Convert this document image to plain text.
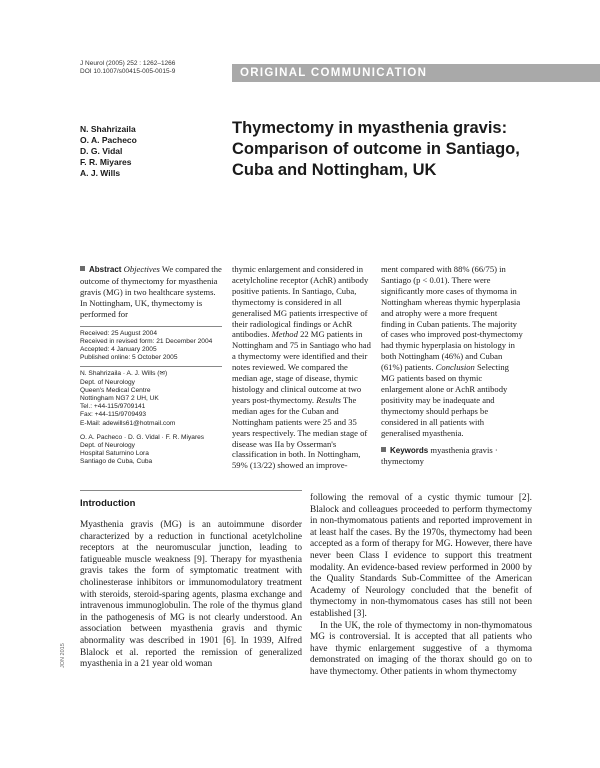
J Neurol (2005) 252 : 1262–1266
DOI 10.1007/s00415-005-0015-9	ORIGINAL COMMUNICATION
N. Shahrizaila
O. A. Pacheco
D. G. Vidal
F. R. Miyares
A. J. Wills
Thymectomy in myasthenia gravis:
Comparison of outcome in Santiago,
Cuba and Nottingham, UK

Abstract Objectives We compared the outcome of thymectomy for myasthenia gravis (MG) in two healthcare systems. In Nottingham, UK, thymectomy is performed for

Received: 25 August 2004
Received in revised form: 21 December 2004
Accepted: 4 January 2005
Published online: 5 October 2005
N. Shahrizaila · A. J. Wills (✉)
Dept. of Neurology
Queen's Medical Centre
Nottingham NG7 2 UH, UK
Tel.: +44-115/9709141
Fax: +44-115/9709493
E-Mail: adewills61@hotmail.com
O. A. Pacheco · D. G. Vidal · F. R. Miyares
Dept. of Neurology
Hospital Saturnino Lora
Santiago de Cuba, Cuba

thymic enlargement and considered in acetylcholine receptor (AchR) antibody positive patients. In Santiago, Cuba, thymectomy is considered in all generalised MG patients irrespective of their radiological findings or AchR antibodies. Method 22 MG patients in Nottingham and 75 in Santiago who had a thymectomy were identified and their notes reviewed. We compared the median age, stage of disease, thymic histology and clinical outcome at two years post-thymectomy. Results The median ages for the Cuban and Nottingham patients were 25 and 35 years respectively. The median stage of disease was IIa by Osserman's classification in both. In Nottingham, 59% (13/22) showed an improve-

ment compared with 88% (66/75) in Santiago (p < 0.01). There were significantly more cases of thymoma in Nottingham whereas thymic hyperplasia and atrophy were a more frequent finding in Cuban patients. The majority of cases who improved post-thymectomy had thymic hyperplasia on histology in both Nottingham (46%) and Cuban (61%) patients. Conclusion Selecting MG patients based on thymic enlargement alone or AchR antibody positivity may be inadequate and thymectomy should perhaps be considered in all patients with generalised myasthenia.

Keywords myasthenia gravis · thymectomy

Introduction

Myasthenia gravis (MG) is an autoimmune disorder characterized by a reduction in functional acetylcholine receptors at the neuromuscular junction, leading to fatigueable muscle weakness [9]. Therapy for myasthenia gravis takes the form of symptomatic treatment with cholinesterase inhibitors or immunomodulatory treatment with steroids, steroid-sparing agents, plasma exchange and intravenous immunoglobulin. The role of the thymus gland in the pathogenesis of MG is not clearly understood. An association between myasthenia gravis and thymic abnormality was described in 1901 [6]. In 1939, Alfred Blalock et al. reported the remission of generalized myasthenia in a 21 year old woman

following the removal of a cystic thymic tumour [2]. Blalock and colleagues proceeded to perform thymectomy in non-thymomatous patients and reported improvement in at least half the cases. By the 1970s, thymectomy had been accepted as a form of therapy for MG. However, there have never been Class I evidence to support this treatment modality. An evidence-based review performed in 2000 by the Quality Standards Sub-Committee of the American Academy of Neurology concluded that the benefit of thymectomy in non-thymomatous cases has still not been established [3].

In the UK, the role of thymectomy in non-thymomatous MG is controversial. It is accepted that all patients who have thymic enlargement suggestive of a thymoma demonstrated on imaging of the thorax should go on to have thymectomy. Other patients in whom thymectomy

JON 2015
